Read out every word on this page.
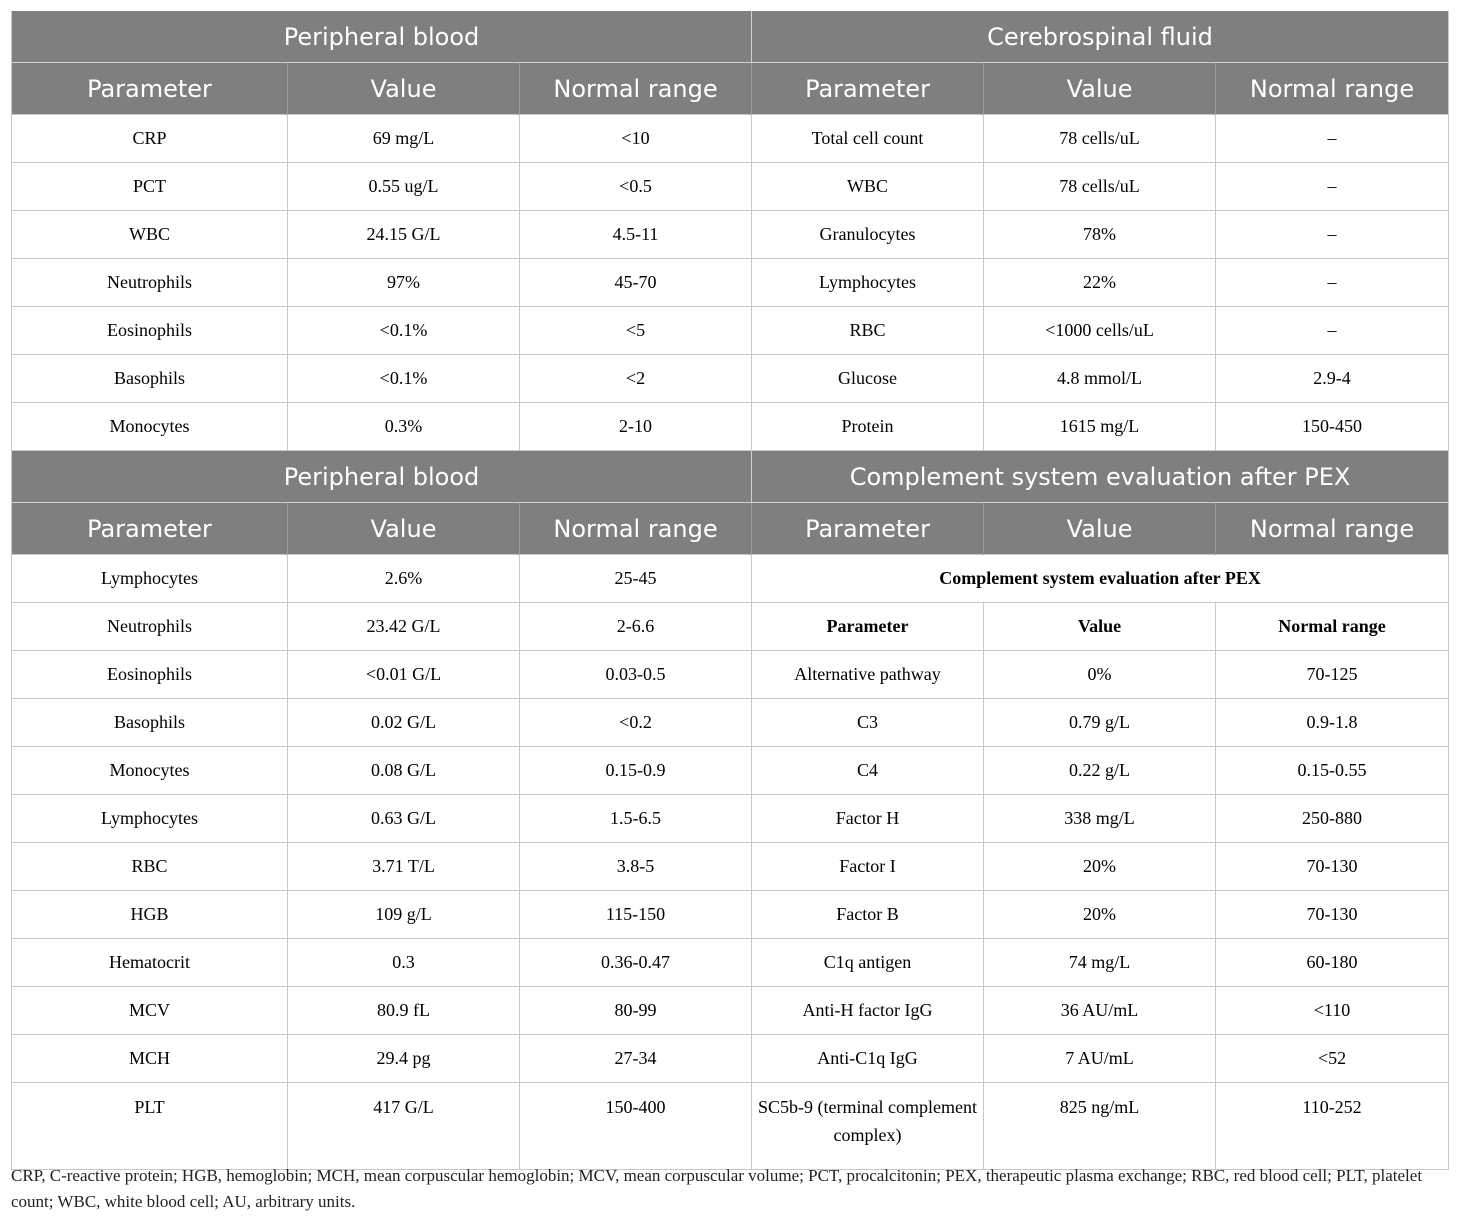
Peripheral blood			Cerebrospinal fluid		
Parameter	Value	Normal range	Parameter	Value	Normal range
CRP	69 mg/L	<10	Total cell count	78 cells/uL	–
PCT	0.55 ug/L	<0.5	WBC	78 cells/uL	–
WBC	24.15 G/L	4.5-11	Granulocytes	78%	–
Neutrophils	97%	45-70	Lymphocytes	22%	–
Eosinophils	<0.1%	<5	RBC	<1000 cells/uL	–
Basophils	<0.1%	<2	Glucose	4.8 mmol/L	2.9-4
Monocytes	0.3%	2-10	Protein	1615 mg/L	150-450
Peripheral blood			Complement system evaluation after PEX		
Parameter	Value	Normal range	Parameter	Value	Normal range
Lymphocytes	2.6%	25-45	Complement system evaluation after PEX		
Neutrophils	23.42 G/L	2-6.6	Parameter	Value	Normal range
Eosinophils	<0.01 G/L	0.03-0.5	Alternative pathway	0%	70-125
Basophils	0.02 G/L	<0.2	C3	0.79 g/L	0.9-1.8
Monocytes	0.08 G/L	0.15-0.9	C4	0.22 g/L	0.15-0.55
Lymphocytes	0.63 G/L	1.5-6.5	Factor H	338 mg/L	250-880
RBC	3.71 T/L	3.8-5	Factor I	20%	70-130
HGB	109 g/L	115-150	Factor B	20%	70-130
Hematocrit	0.3	0.36-0.47	C1q antigen	74 mg/L	60-180
MCV	80.9 fL	80-99	Anti-H factor IgG	36 AU/mL	<110
MCH	29.4 pg	27-34	Anti-C1q IgG	7 AU/mL	<52
PLT	417 G/L	150-400	SC5b-9 (terminal complement complex)	825 ng/mL	110-252

CRP, C-reactive protein; HGB, hemoglobin; MCH, mean corpuscular hemoglobin; MCV, mean corpuscular volume; PCT, procalcitonin; PEX, therapeutic plasma exchange; RBC, red blood cell; PLT, platelet count; WBC, white blood cell; AU, arbitrary units.
